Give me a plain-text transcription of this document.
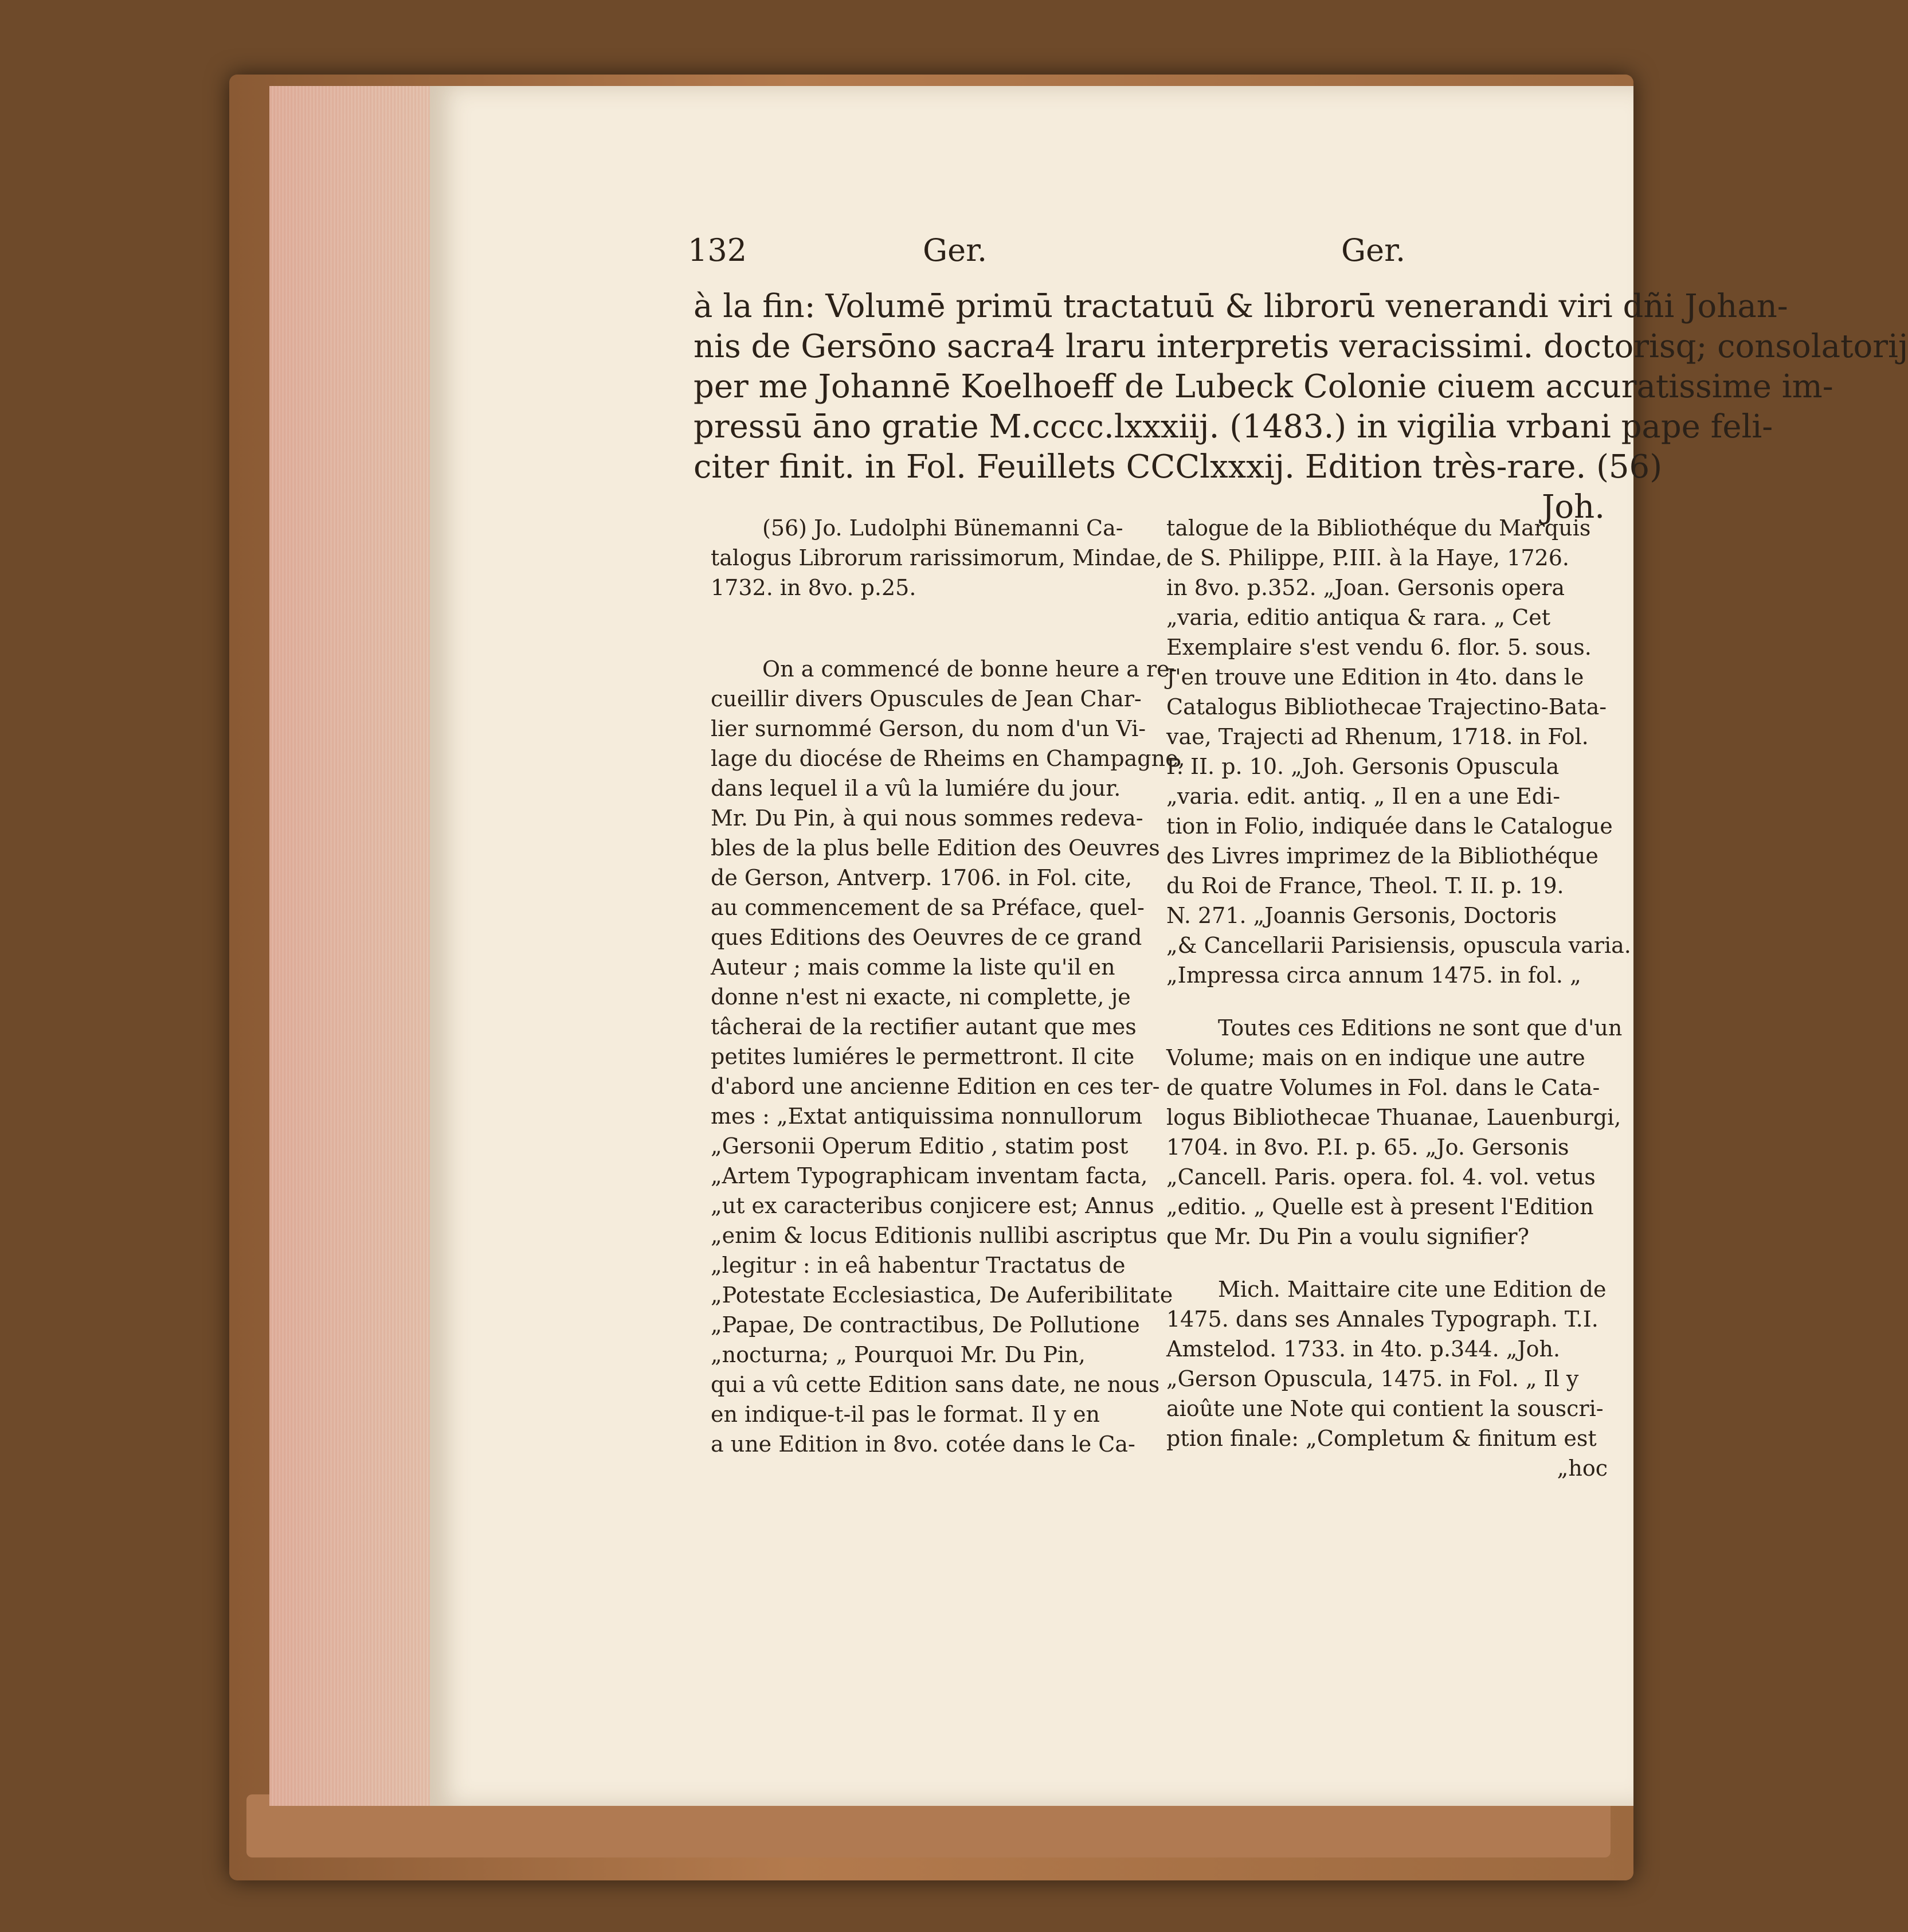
132	Ger.	Ger.
à la fin: Volumē primū tractatuū & librorū venerandi viri dñi Johan-
nis de Gersōno sacra4 lraru interpretis veracissimi. doctorisq; consolatorij
per me Johannē Koelhoeff de Lubeck Colonie ciuem accuratissime im-
pressū āno gratie M.cccc.lxxxiij. (1483.) in vigilia vrbani pape feli-
citer finit. in Fol. Feuillets CCClxxxij. Edition très-rare. (56)
Joh.
(56) Jo. Ludolphi Bünemanni Ca-
talogus Librorum rarissimorum, Mindae,
1732. in 8vo. p.25.
On a commencé de bonne heure a re-
cueillir divers Opuscules de Jean Char-
lier surnommé Gerson, du nom d'un Vi-
lage du diocése de Rheims en Champagne,
dans lequel il a vû la lumiére du jour.
Mr. Du Pin, à qui nous sommes redeva-
bles de la plus belle Edition des Oeuvres
de Gerson, Antverp. 1706. in Fol. cite,
au commencement de sa Préface, quel-
ques Editions des Oeuvres de ce grand
Auteur ; mais comme la liste qu'il en
donne n'est ni exacte, ni complette, je
tâcherai de la rectifier autant que mes
petites lumiéres le permettront. Il cite
d'abord une ancienne Edition en ces ter-
mes : „Extat antiquissima nonnullorum
„Gersonii Operum Editio , statim post
„Artem Typographicam inventam facta,
„ut ex caracteribus conjicere est; Annus
„enim & locus Editionis nullibi ascriptus
„legitur : in eâ habentur Tractatus de
„Potestate Ecclesiastica, De Auferibilitate
„Papae, De contractibus, De Pollutione
„nocturna; „ Pourquoi Mr. Du Pin,
qui a vû cette Edition sans date, ne nous
en indique-t-il pas le format. Il y en
a une Edition in 8vo. cotée dans le Ca-
talogue de la Bibliothéque du Marquis
de S. Philippe, P.III. à la Haye, 1726.
in 8vo. p.352. „Joan. Gersonis opera
„varia, editio antiqua & rara. „ Cet
Exemplaire s'est vendu 6. flor. 5. sous.
J'en trouve une Edition in 4to. dans le
Catalogus Bibliothecae Trajectino-Bata-
vae, Trajecti ad Rhenum, 1718. in Fol.
P. II. p. 10. „Joh. Gersonis Opuscula
„varia. edit. antiq. „ Il en a une Edi-
tion in Folio, indiquée dans le Catalogue
des Livres imprimez de la Bibliothéque
du Roi de France, Theol. T. II. p. 19.
N. 271. „Joannis Gersonis, Doctoris
„& Cancellarii Parisiensis, opuscula varia.
„Impressa circa annum 1475. in fol. „
Toutes ces Editions ne sont que d'un
Volume; mais on en indique une autre
de quatre Volumes in Fol. dans le Cata-
logus Bibliothecae Thuanae, Lauenburgi,
1704. in 8vo. P.I. p. 65. „Jo. Gersonis
„Cancell. Paris. opera. fol. 4. vol. vetus
„editio. „ Quelle est à present l'Edition
que Mr. Du Pin a voulu signifier?
Mich. Maittaire cite une Edition de
1475. dans ses Annales Typograph. T.I.
Amstelod. 1733. in 4to. p.344. „Joh.
„Gerson Opuscula, 1475. in Fol. „ Il y
aioûte une Note qui contient la souscri-
ption finale: „Completum & finitum est
„hoc
